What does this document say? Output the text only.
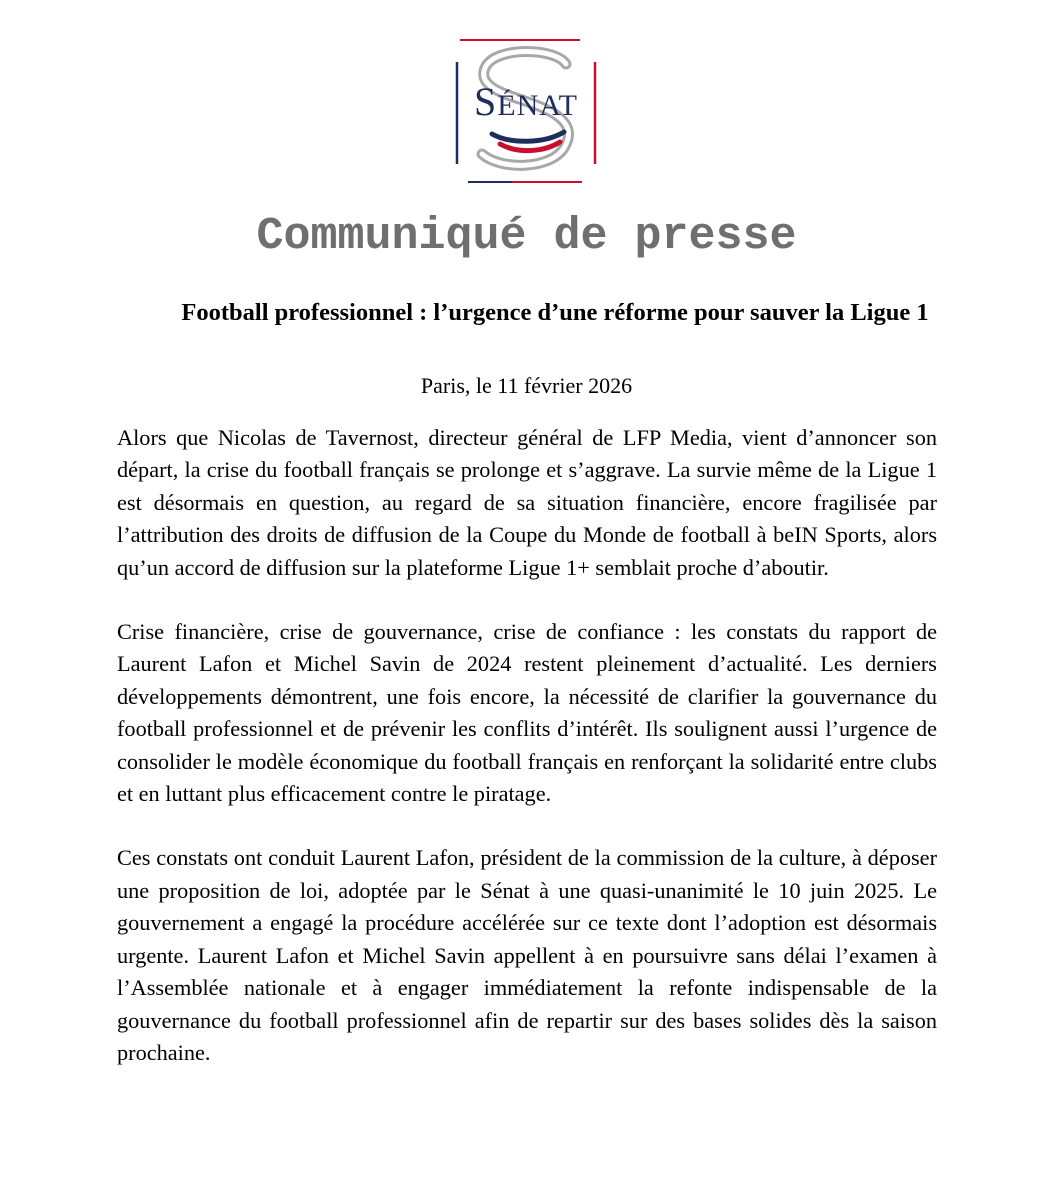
SÉNAT
Communiqué de presse
Football professionnel : l’urgence d’une réforme pour sauver la Ligue 1
Paris, le 11 février 2026

Alors que Nicolas de Tavernost, directeur général de LFP Media, vient d’annoncer son départ, la crise du football français se prolonge et s’aggrave. La survie même de la Ligue 1 est désormais en question, au regard de sa situation financière, encore fragilisée par l’attribution des droits de diffusion de la Coupe du Monde de football à beIN Sports, alors qu’un accord de diffusion sur la plateforme Ligue 1+ semblait proche d’aboutir.

Crise financière, crise de gouvernance, crise de confiance : les constats du rapport de Laurent Lafon et Michel Savin de 2024 restent pleinement d’actualité. Les derniers développements démontrent, une fois encore, la nécessité de clarifier la gouvernance du football professionnel et de prévenir les conflits d’intérêt. Ils soulignent aussi l’urgence de consolider le modèle économique du football français en renforçant la solidarité entre clubs et en luttant plus efficacement contre le piratage.

Ces constats ont conduit Laurent Lafon, président de la commission de la culture, à déposer une proposition de loi, adoptée par le Sénat à une quasi-unanimité le 10 juin 2025. Le gouvernement a engagé la procédure accélérée sur ce texte dont l’adoption est désormais urgente. Laurent Lafon et Michel Savin appellent à en poursuivre sans délai l’examen à l’Assemblée nationale et à engager immédiatement la refonte indispensable de la gouvernance du football professionnel afin de repartir sur des bases solides dès la saison prochaine.
